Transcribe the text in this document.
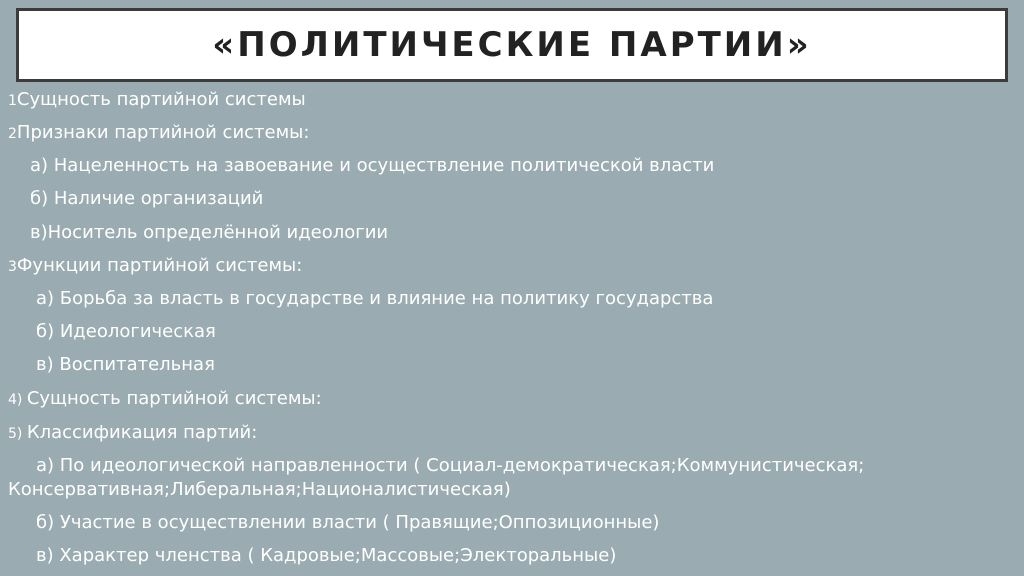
«ПОЛИТИЧЕСКИЕ ПАРТИИ»
1Сущность партийной системы
2Признаки партийной системы:
а) Нацеленность на завоевание и осуществление политической власти
б) Наличие организаций
в)Носитель определённой идеологии
3Функции партийной системы:
а) Борьба за власть в государстве и влияние на политику государства
б) Идеологическая
в) Воспитательная
4) Сущность партийной системы:
5) Классификация партий:
а) По идеологической направленности ( Социал-демократическая;Коммунистическая; Консервативная;Либеральная;Националистическая)
б) Участие в осуществлении власти ( Правящие;Оппозиционные)
в) Характер членства ( Кадровые;Массовые;Электоральные)
